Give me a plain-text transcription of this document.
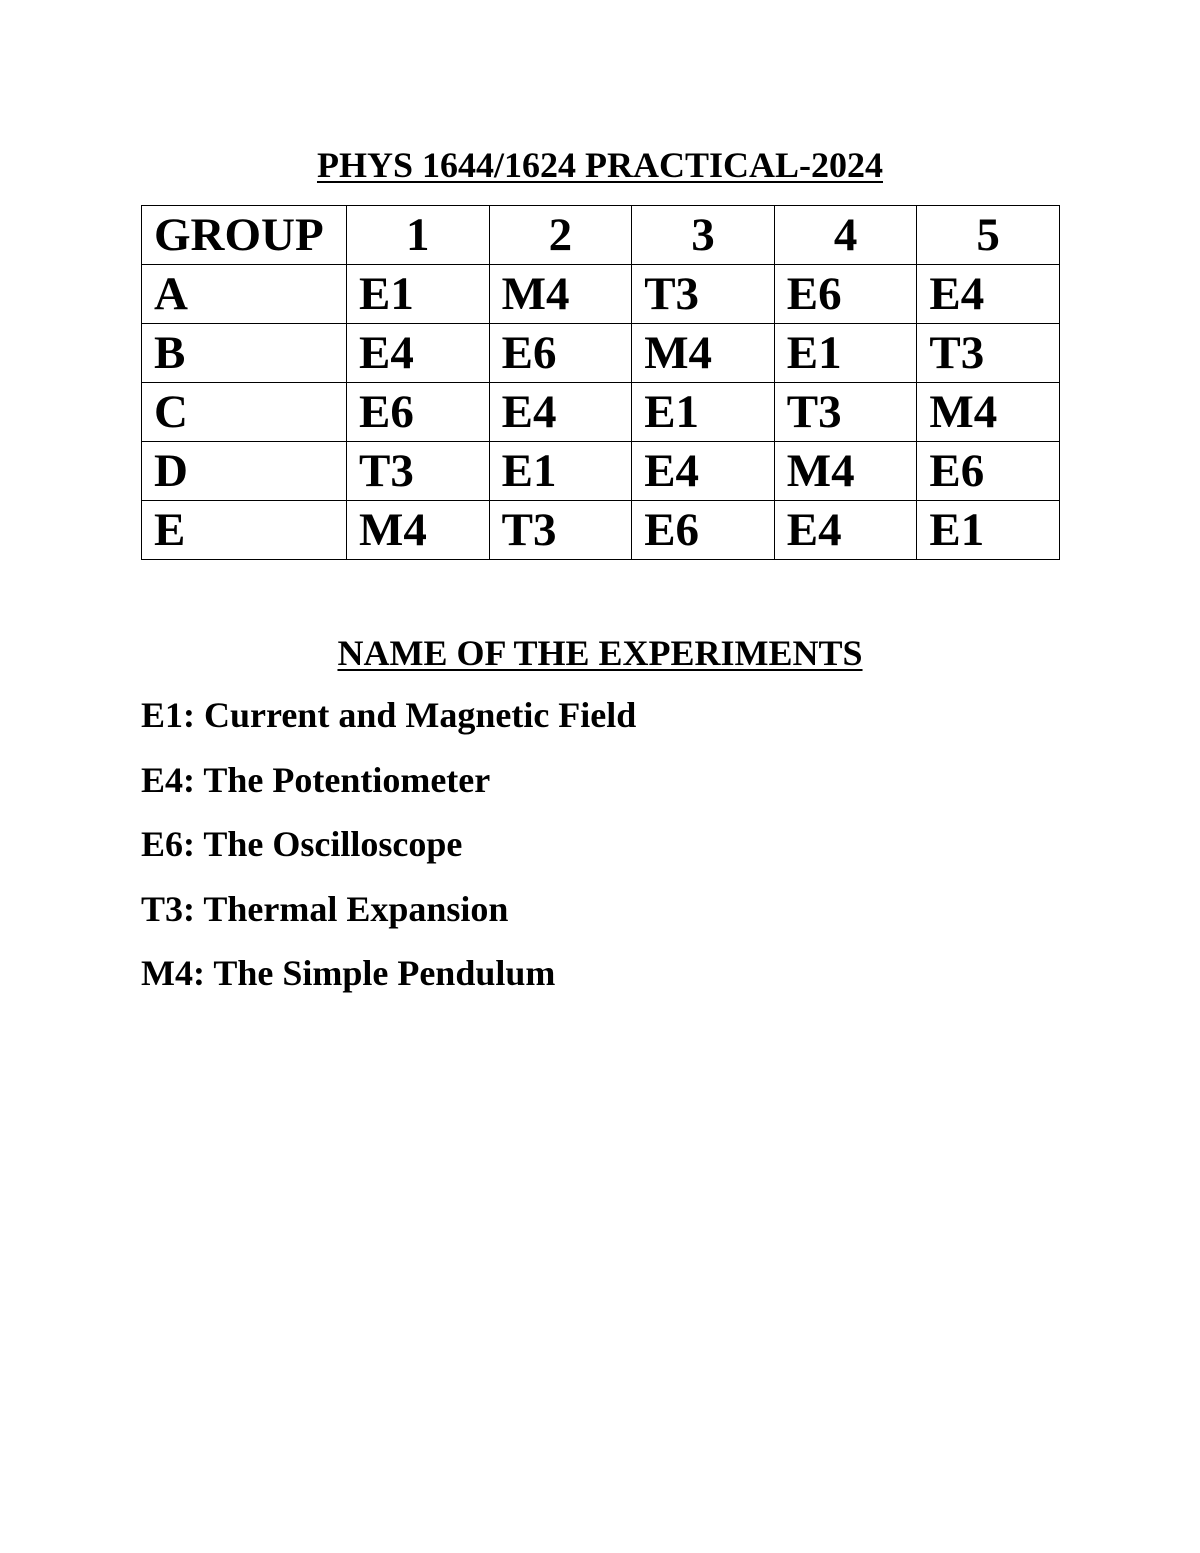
PHYS 1644/1624 PRACTICAL-2024
GROUP	1	2	3	4	5
A	E1	M4	T3	E6	E4
B	E4	E6	M4	E1	T3
C	E6	E4	E1	T3	M4
D	T3	E1	E4	M4	E6
E	M4	T3	E6	E4	E1
NAME OF THE EXPERIMENTS
E1: Current and Magnetic Field
E4: The Potentiometer
E6: The Oscilloscope
T3: Thermal Expansion
M4: The Simple Pendulum
